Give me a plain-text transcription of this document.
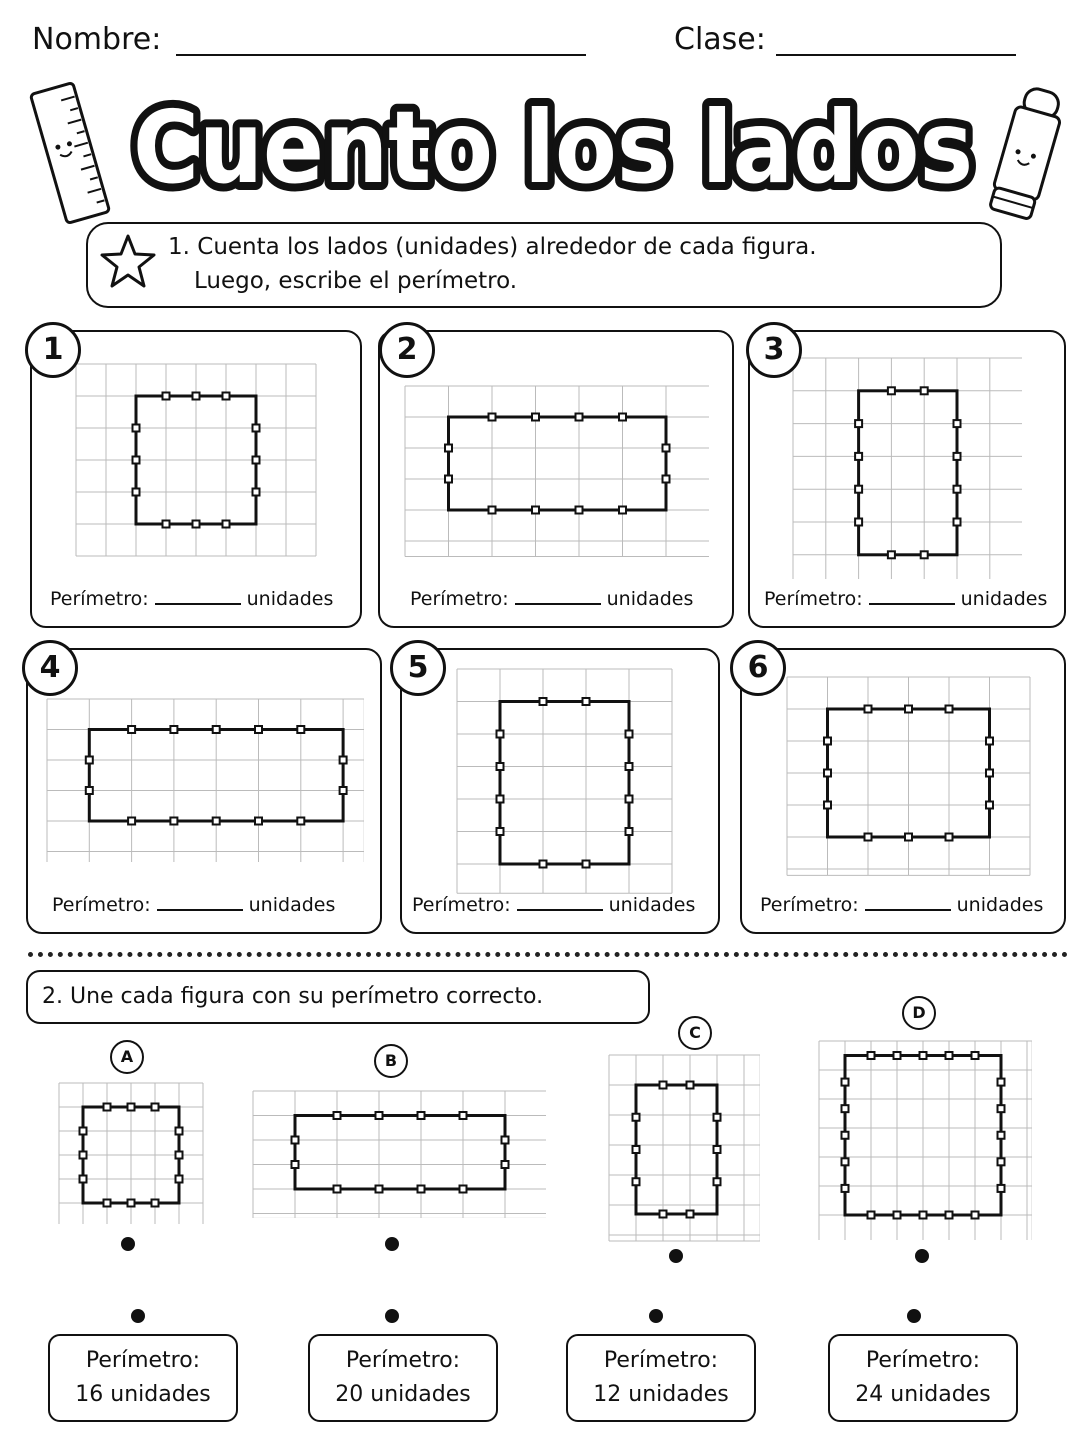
Nombre:	Clase:
Cuento los lados
1. Cuenta los lados (unidades) alrededor de cada figura.
Luego, escribe el perímetro.
Perímetro:	unidades
1
Perímetro:	unidades
2
Perímetro:	unidades
3
Perímetro:	unidades
4
Perímetro:	unidades
5
Perímetro:	unidades
6
2. Une cada figura con su perímetro correcto.
A	B
C
D
Perímetro:
16 unidades
Perímetro:
20 unidades
Perímetro:
12 unidades
Perímetro:
24 unidades
